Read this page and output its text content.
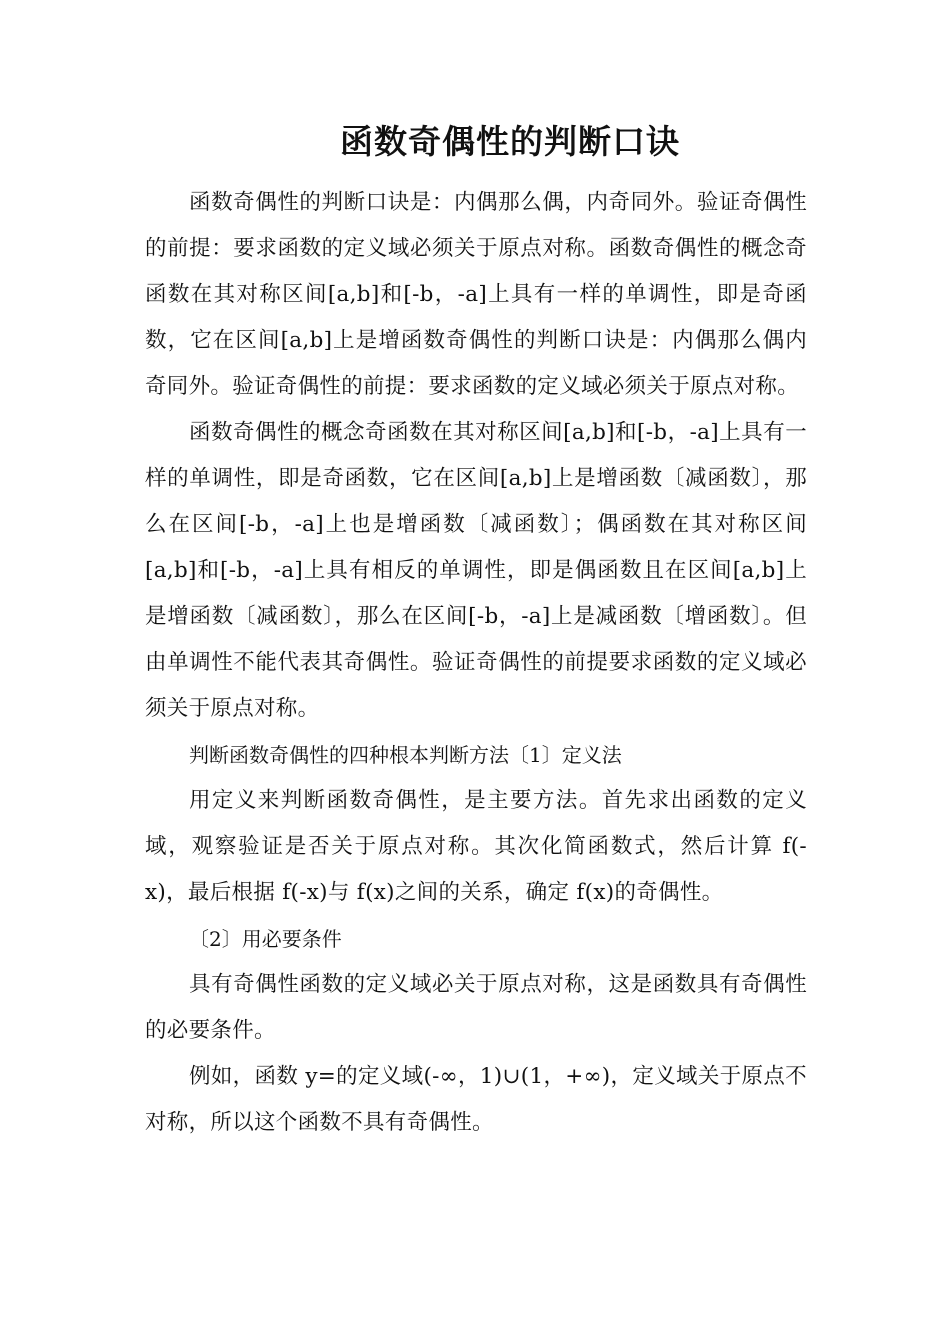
函数奇偶性的判断口诀

函数奇偶性的判断口诀是：内偶那么偶，内奇同外。验证奇偶性的前提：要求函数的定义域必须关于原点对称。函数奇偶性的概念奇函数在其对称区间[a,b]和[-b，-a]上具有一样的单调性，即是奇函数，它在区间[a,b]上是增函数奇偶性的判断口诀是：内偶那么偶内奇同外。验证奇偶性的前提：要求函数的定义域必须关于原点对称。

函数奇偶性的概念奇函数在其对称区间[a,b]和[-b，-a]上具有一样的单调性，即是奇函数，它在区间[a,b]上是增函数〔减函数〕，那么在区间[-b，-a]上也是增函数〔减函数〕；偶函数在其对称区间[a,b]和[-b，-a]上具有相反的单调性，即是偶函数且在区间[a,b]上是增函数〔减函数〕，那么在区间[-b，-a]上是减函数〔增函数〕。但由单调性不能代表其奇偶性。验证奇偶性的前提要求函数的定义域必须关于原点对称。

判断函数奇偶性的四种根本判断方法〔1〕定义法

用定义来判断函数奇偶性，是主要方法。首先求出函数的定义域，观察验证是否关于原点对称。其次化简函数式，然后计算 f(-x)，最后根据 f(-x)与 f(x)之间的关系，确定 f(x)的奇偶性。

〔2〕用必要条件

具有奇偶性函数的定义域必关于原点对称，这是函数具有奇偶性的必要条件。

例如，函数 y=的定义域(-∞，1)∪(1，+∞)，定义域关于原点不对称，所以这个函数不具有奇偶性。
